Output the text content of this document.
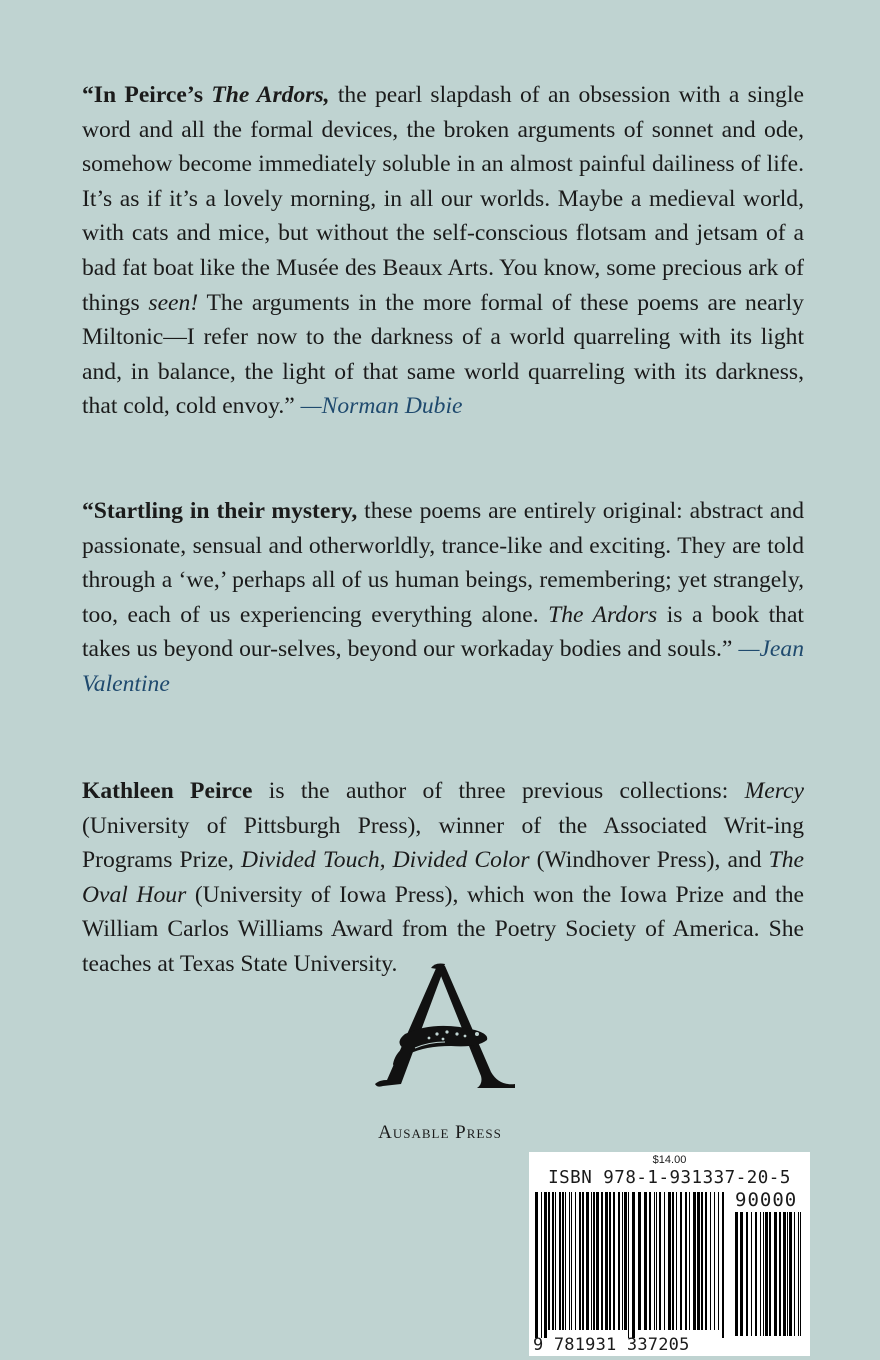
“In Peirce’s The Ardors, the pearl slapdash of an obsession with a single word and all the formal devices, the broken arguments of sonnet and ode, somehow become immediately soluble in an almost painful dailiness of life. It’s as if it’s a lovely morning, in all our worlds. Maybe a medieval world, with cats and mice, but without the self-conscious flotsam and jetsam of a bad fat boat like the Musée des Beaux Arts. You know, some precious ark of things seen! The arguments in the more formal of these poems are nearly Miltonic—I refer now to the darkness of a world quarreling with its light and, in balance, the light of that same world quarreling with its darkness, that cold, cold envoy.” —Norman Dubie

“Startling in their mystery, these poems are entirely original: abstract and passionate, sensual and otherworldly, trance-like and exciting. They are told through a ‘we,’ perhaps all of us human beings, remembering; yet strangely, too, each of us experiencing everything alone. The Ardors is a book that takes us beyond our-selves, beyond our workaday bodies and souls.” —Jean Valentine

Kathleen Peirce is the author of three previous collections: Mercy (University of Pittsburgh Press), winner of the Associated Writ-ing Programs Prize, Divided Touch, Divided Color (Windhover Press), and The Oval Hour (University of Iowa Press), which won the Iowa Prize and the William Carlos Williams Award from the Poetry Society of America. She teaches at Texas State University.

Ausable Press
$14.00
ISBN 978-1-931337-20-5
90000
9 781931 337205
